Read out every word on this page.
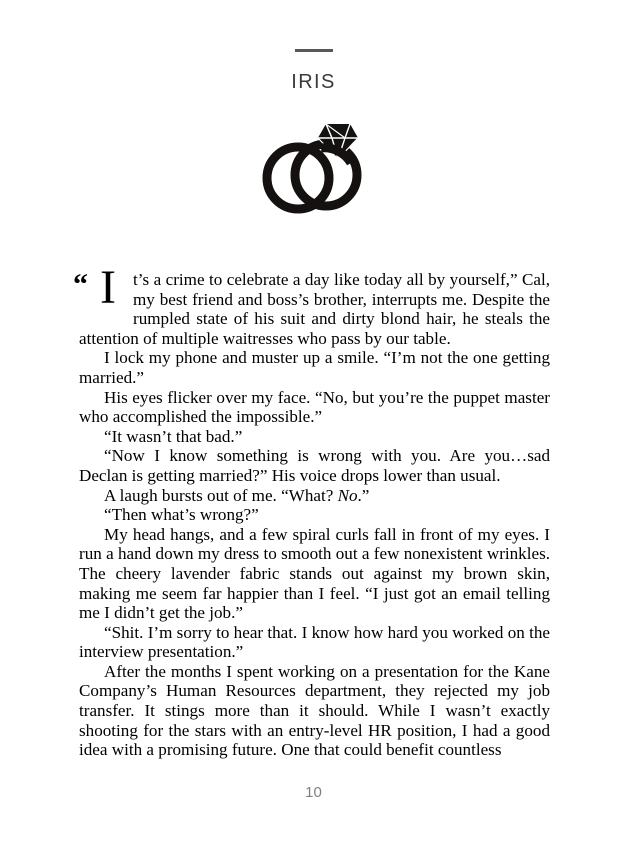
IRIS

“ I t’s a crime to celebrate a day like today all by yourself,” Cal, my best friend and boss’s brother, interrupts me. Despite the rumpled state of his suit and dirty blond hair, he steals the attention of multiple waitresses who pass by our table.

I lock my phone and muster up a smile. “I’m not the one getting married.”

His eyes flicker over my face. “No, but you’re the puppet master who accomplished the impossible.”

“It wasn’t that bad.”

“Now I know something is wrong with you. Are you…sad Declan is getting married?” His voice drops lower than usual.

A laugh bursts out of me. “What? No.”

“Then what’s wrong?”

My head hangs, and a few spiral curls fall in front of my eyes. I run a hand down my dress to smooth out a few nonexistent wrinkles. The cheery lavender fabric stands out against my brown skin, making me seem far happier than I feel. “I just got an email telling me I didn’t get the job.”

“Shit. I’m sorry to hear that. I know how hard you worked on the interview presentation.”

After the months I spent working on a presentation for the Kane Company’s Human Resources department, they rejected my job transfer. It stings more than it should. While I wasn’t exactly shooting for the stars with an entry-level HR position, I had a good idea with a promising future. One that could benefit countless

10
